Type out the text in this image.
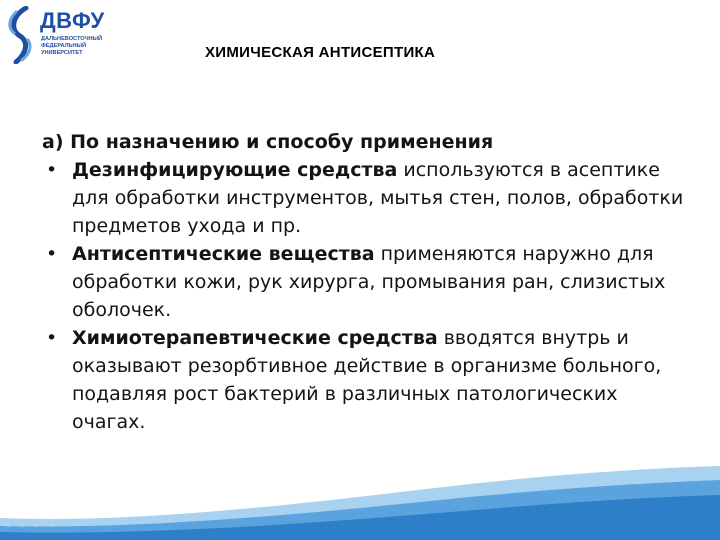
ДВФУ
ДАЛЬНЕВОСТОЧНЫЙ
ФЕДЕРАЛЬНЫЙ
УНИВЕРСИТЕТ	ХИМИЧЕСКАЯ АНТИСЕПТИКА

а) По назначению и способу применения

• Дезинфицирующие средства используются в асептике для обработки инструментов, мытья стен, полов, обработки предметов ухода и пр.
• Антисептические вещества применяются наружно для обработки кожи, рук хирурга, промывания ран, слизистых оболочек.
• Химиотерапевтические средства вводятся внутрь и оказывают резорбтивное действие в организме больного, подавляя рост бактерий в различных патологических очагах.
◦ ◦ ◦ ◦
